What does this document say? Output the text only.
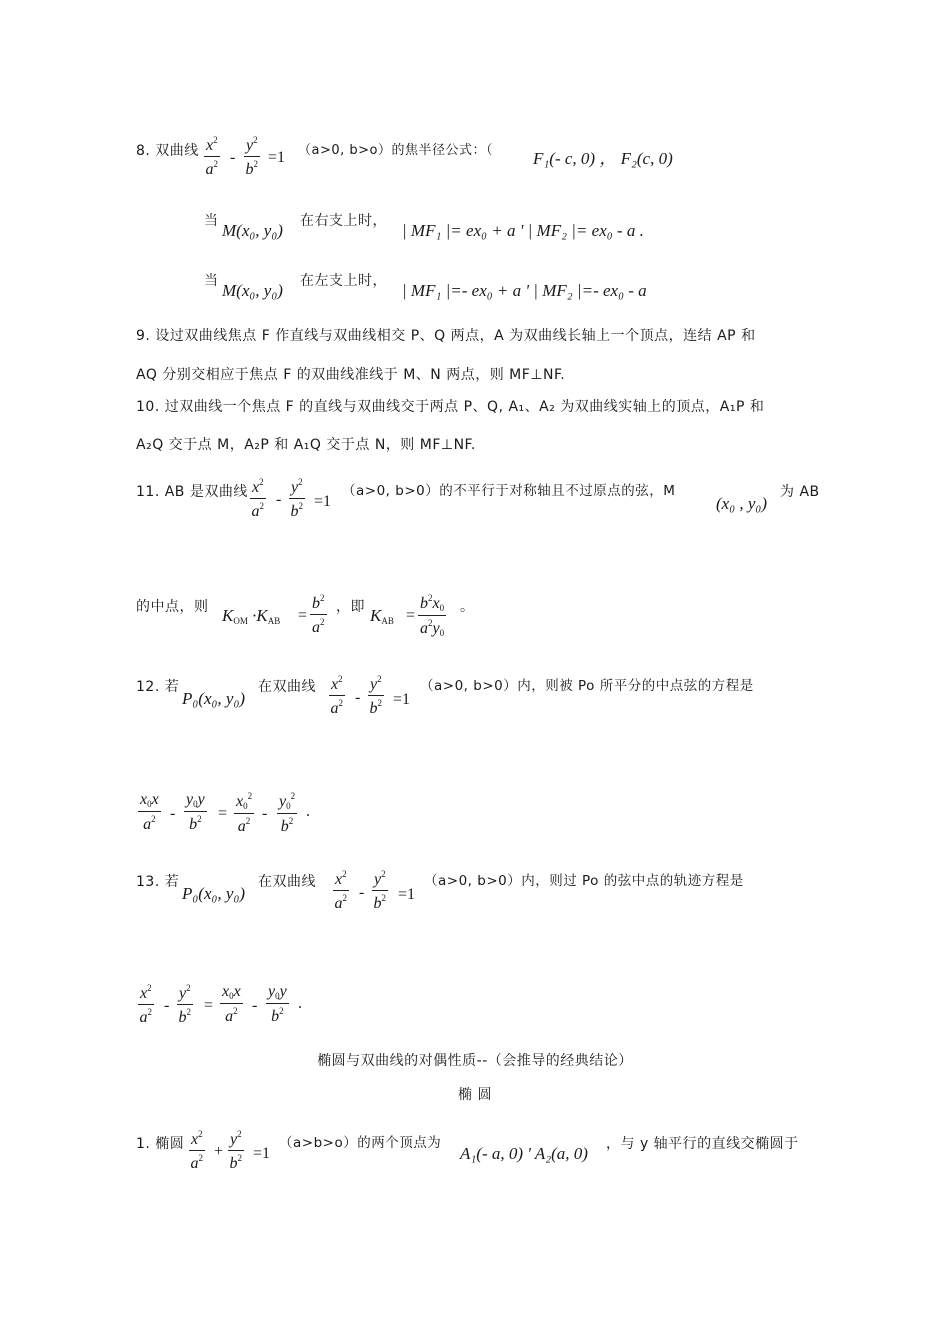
8. 双曲线 $x^2$
$a^2$ -
$y^2$
$b^2 =1$ （a>0, b>o）的焦半径公式：（ F₁(- c, 0) ， F₂(c, 0)
当 M(x₀, y₀) 在右支上时， | MF₁ |= ex₀ + a ' | MF₂ |= ex₀ - a .
当 M(x₀, y₀) 在左支上时， | MF₁ |=- ex₀ + a ' | MF₂ |=- ex₀ - a
9. 设过双曲线焦点 F 作直线与双曲线相交 P、Q 两点，A 为双曲线长轴上一个顶点，连结 AP 和
AQ 分别交相应于焦点 F 的双曲线准线于 M、N 两点，则 MF⊥NF.
10. 过双曲线一个焦点 F 的直线与双曲线交于两点 P、Q, A₁、A₂ 为双曲线实轴上的顶点，A₁P 和
A₂Q 交于点 M，A₂P 和 A₁Q 交于点 N，则 MF⊥NF.
11. AB 是双曲线 $x^2$
$a^2$ -
$y^2$
$b^2 =1$
（a>0, b>0）的不平行于对称轴且不过原点的弦，M
(x₀ , y₀)
为 AB
的中点，则 $K_{OM} \cdot K_{AB}$ =
$b^2$
$a^2$
，即 $K_{AB}$ =
$b^2x_0$
$a^2y_0$
。
12. 若
P₀(x₀, y₀)
在双曲线 $x^2$
$a^2$ -
$y^2$
$b^2 =1$
（a>0, b>0）内，则被 Po 所平分的中点弦的方程是
$x_0x$
$a^2$ -
$y_0y$
$b^2$ =
$x_0^2$
$a^2$ -
$y_0^2$
$b^2$
.
13. 若
P₀(x₀, y₀)
在双曲线 $x^2$
$a^2$ -
$y^2$
$b^2 =1$
（a>0, b>0）内，则过 Po 的弦中点的轨迹方程是
$x^2$
$a^2$ -
$y^2$
$b^2$ =
$x_0x$
$a^2$ -
$y_0y$
$b^2$ .
椭圆与双曲线的对偶性质--（会推导的经典结论）
椭 圆
1. 椭圆 $x^2$
$a^2$ +
$y^2$
$b^2 =1$
（a>b>o）的两个顶点为
A₁(- a, 0) ' A₂(a, 0) ，与 y 轴平行的直线交椭圆于
